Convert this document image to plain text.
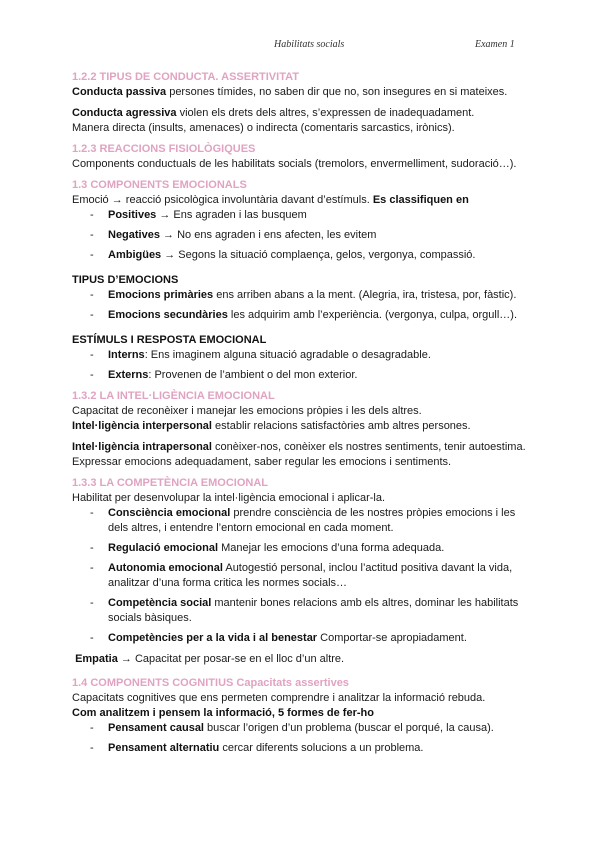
Habilitats socials	Examen 1
1.2.2 TIPUS DE CONDUCTA. ASSERTIVITAT

Conducta passiva persones tímides, no saben dir que no, son insegures en si mateixes.

Conducta agressiva violen els drets dels altres, s’expressen de inadequadament.

Manera directa (insults, amenaces) o indirecta (comentaris sarcastics, irònics).

1.2.3 REACCIONS FISIOLÒGIQUES

Components conductuals de les habilitats socials (tremolors, envermelliment, sudoració…).

1.3 COMPONENTS EMOCIONALS

Emoció → reacció psicològica involuntària davant d’estímuls. Es classifiquen en

- Positives → Ens agraden i las busquem
- Negatives → No ens agraden i ens afecten, les evitem
- Ambigües → Segons la situació complaença, gelos, vergonya, compassió.
TIPUS D’EMOCIONS
- Emocions primàries ens arriben abans a la ment. (Alegria, ira, tristesa, por, fàstic).
- Emocions secundàries les adquirim amb l’experiència. (vergonya, culpa, orgull…).
ESTÍMULS I RESPOSTA EMOCIONAL
- Interns: Ens imaginem alguna situació agradable o desagradable.
- Externs: Provenen de l’ambient o del mon exterior.
1.3.2 LA INTEL·LIGÈNCIA EMOCIONAL

Capacitat de reconèixer i manejar les emocions pròpies i les dels altres.

Intel·ligència interpersonal establir relacions satisfactòries amb altres persones.

Intel·ligència intrapersonal conèixer-nos, conèixer els nostres sentiments, tenir autoestima. Expressar emocions adequadament, saber regular les emocions i sentiments.

1.3.3 LA COMPETÈNCIA EMOCIONAL

Habilitat per desenvolupar la intel·ligència emocional i aplicar-la.

- Consciència emocional prendre consciència de les nostres pròpies emocions i les dels altres, i entendre l’entorn emocional en cada moment.
- Regulació emocional Manejar les emocions d’una forma adequada.
- Autonomia emocional Autogestió personal, inclou l’actitud positiva davant la vida, analitzar d’una forma critica les normes socials…
- Competència social mantenir bones relacions amb els altres, dominar les habilitats socials bàsiques.
- Competències per a la vida i al benestar Comportar-se apropiadament.

Empatia → Capacitat per posar-se en el lloc d’un altre.

1.4 COMPONENTS COGNITIUS Capacitats assertives

Capacitats cognitives que ens permeten comprendre i analitzar la informació rebuda.

Com analitzem i pensem la informació, 5 formes de fer-ho

- Pensament causal buscar l’origen d’un problema (buscar el porqué, la causa).
- Pensament alternatiu cercar diferents solucions a un problema.
